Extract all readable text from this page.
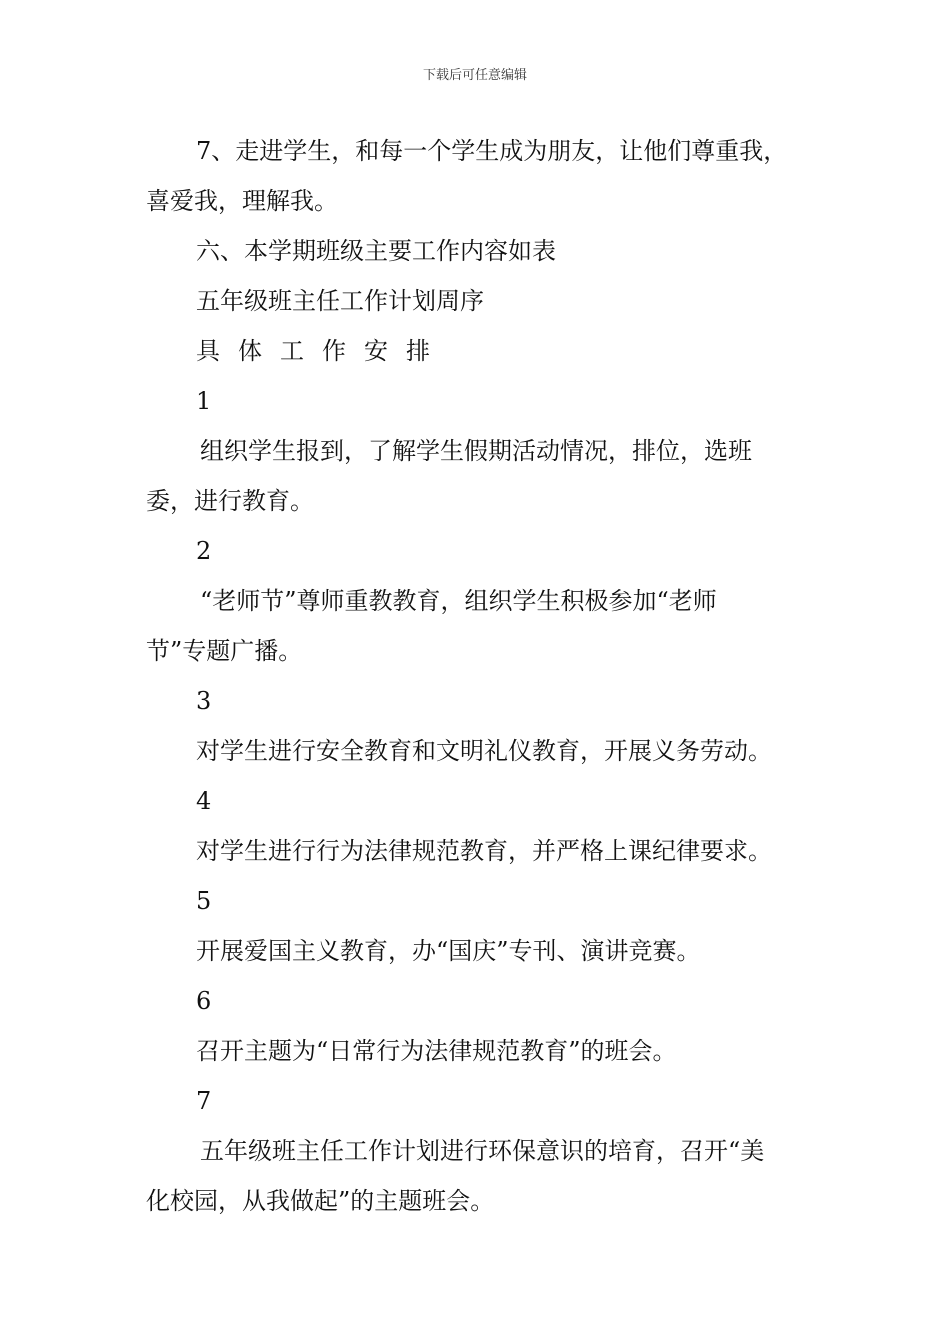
下载后可任意编辑

7、走进学生，和每一个学生成为朋友，让他们尊重我，

喜爱我，理解我。

六、本学期班级主要工作内容如表

五年级班主任工作计划周序

具体工作安排

1

组织学生报到，了解学生假期活动情况，排位，选班

委，进行教育。

2

“老师节”尊师重教教育，组织学生积极参加“老师

节”专题广播。

3

对学生进行安全教育和文明礼仪教育，开展义务劳动。

4

对学生进行行为法律规范教育，并严格上课纪律要求。

5

开展爱国主义教育，办“国庆”专刊、演讲竞赛。

6

召开主题为“日常行为法律规范教育”的班会。

7

五年级班主任工作计划进行环保意识的培育，召开“美

化校园，从我做起”的主题班会。
